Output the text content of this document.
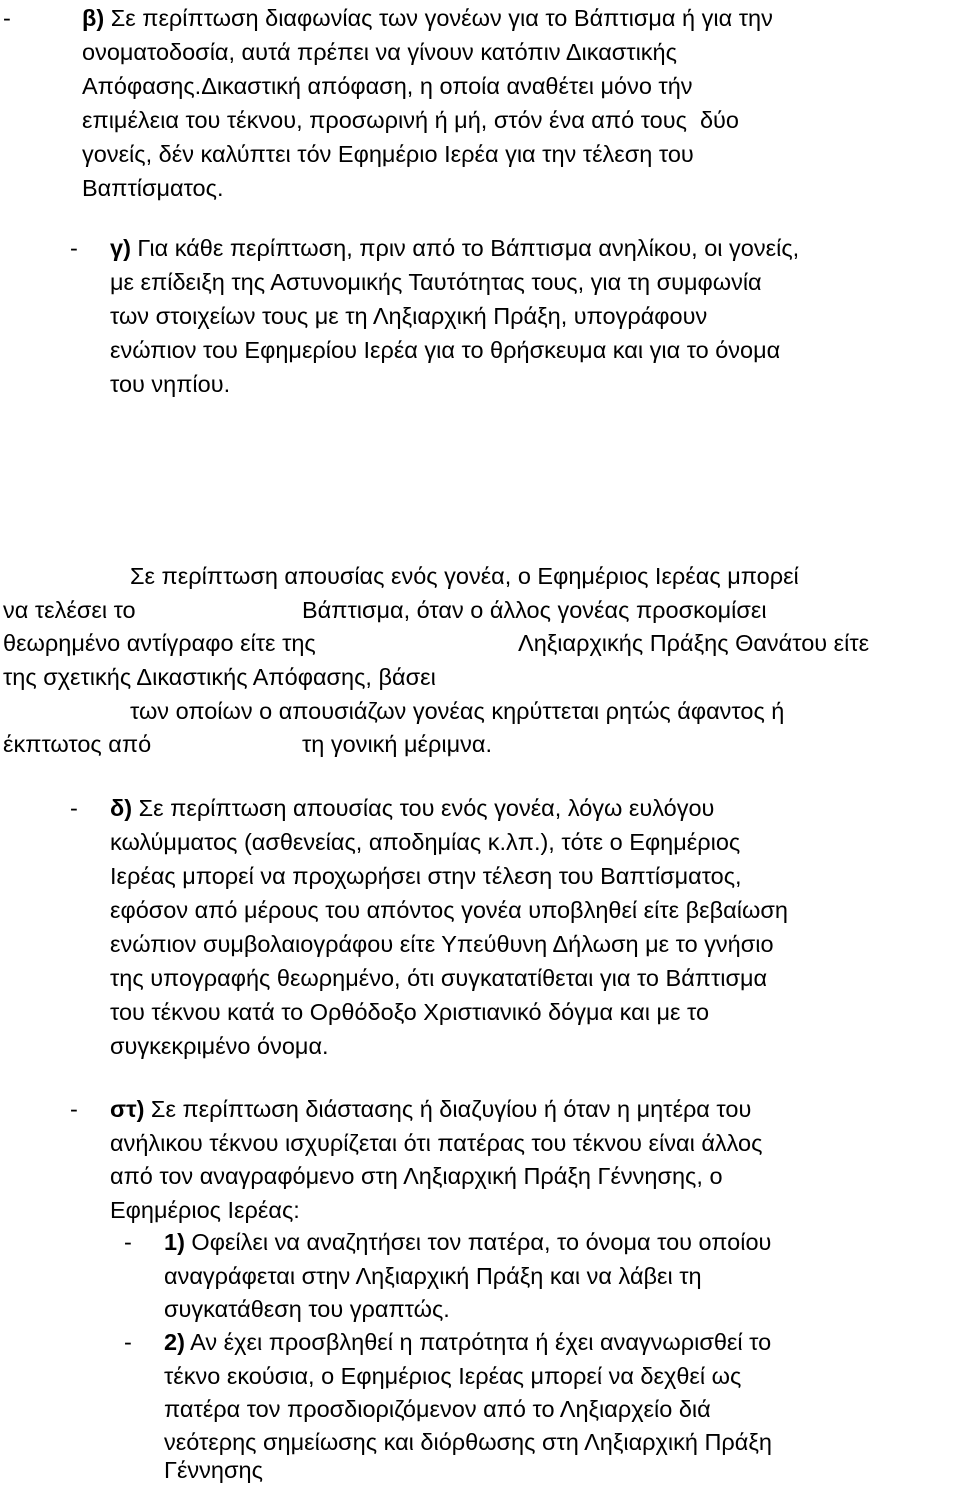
-	β) Σε περίπτωση διαφωνίας των γονέων για το Βάπτισμα ή για την
ονοματοδοσία, αυτά πρέπει να γίνουν κατόπιν Δικαστικής
Απόφασης.Δικαστική απόφαση, η οποία αναθέτει μόνο τήν
επιμέλεια του τέκνου, προσωρινή ή μή, στόν ένα από τους  δύο
γονείς, δέν καλύπτει τόν Εφημέριο Ιερέα για την τέλεση του
Βαπτίσματος.
- γ) Για κάθε περίπτωση, πριν από το Βάπτισμα ανηλίκου, οι γονείς,
με επίδειξη της Αστυνομικής Ταυτότητας τους, για τη συμφωνία
των στοιχείων τους με τη Ληξιαρχική Πράξη, υπογράφουν
ενώπιον του Εφημερίου Ιερέα για το θρήσκευμα και για το όνομα
του νηπίου.
Σε περίπτωση απουσίας ενός γονέα, ο Εφημέριος Ιερέας μπορεί
να τελέσει το	Βάπτισμα, όταν ο άλλος γονέας προσκομίσει
θεωρημένο αντίγραφο είτε της	Ληξιαρχικής Πράξης Θανάτου είτε
της σχετικής Δικαστικής Απόφασης, βάσει
των οποίων ο απουσιάζων γονέας κηρύττεται ρητώς άφαντος ή
έκπτωτος από	τη γονική μέριμνα.
- δ) Σε περίπτωση απουσίας του ενός γονέα, λόγω ευλόγου
κωλύμματος (ασθενείας, αποδημίας κ.λπ.), τότε ο Εφημέριος
Ιερέας μπορεί να προχωρήσει στην τέλεση του Βαπτίσματος,
εφόσον από μέρους του απόντος γονέα υποβληθεί είτε βεβαίωση
ενώπιον συμβολαιογράφου είτε Υπεύθυνη Δήλωση με το γνήσιο
της υπογραφής θεωρημένο, ότι συγκατατίθεται για το Βάπτισμα
του τέκνου κατά το Ορθόδοξο Χριστιανικό δόγμα και με το
συγκεκριμένο όνομα.
- στ) Σε περίπτωση διάστασης ή διαζυγίου ή όταν η μητέρα του
ανήλικου τέκνου ισχυρίζεται ότι πατέρας του τέκνου είναι άλλος
από τον αναγραφόμενο στη Ληξιαρχική Πράξη Γέννησης, ο
Εφημέριος Ιερέας:
- 1) Οφείλει να αναζητήσει τον πατέρα, το όνομα του οποίου
αναγράφεται στην Ληξιαρχική Πράξη και να λάβει τη
συγκατάθεση του γραπτώς.
- 2) Αν έχει προσβληθεί η πατρότητα ή έχει αναγνωρισθεί το
τέκνο εκούσια, ο Εφημέριος Ιερέας μπορεί να δεχθεί ως
πατέρα τον προσδιοριζόμενον από το Ληξιαρχείο διά
νεότερης σημείωσης και διόρθωσης στη Ληξιαρχική Πράξη
Γέννησης
